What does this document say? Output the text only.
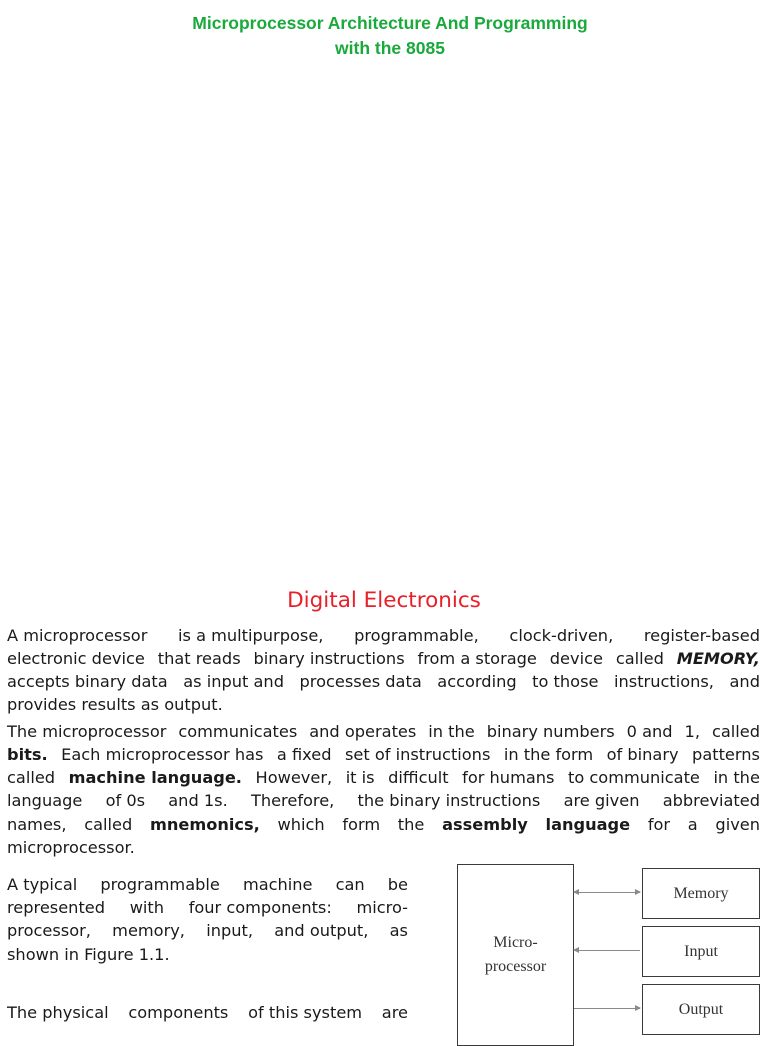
Microprocessor Architecture And Programming
with the 8085
Digital Electronics
A microprocessor is a multipurpose, programmable, clock-driven, register-based
electronic device that reads binary instructions from a storage device called MEMORY,
accepts binary data as input and processes data according to those instructions, and
provides results as output.
The microprocessor communicates and operates in the binary numbers 0 and 1, called
bits. Each microprocessor has a fixed set of instructions in the form of binary patterns
called machine language. However, it is difficult for humans to communicate in the
language of 0s and 1s. Therefore, the binary instructions are given abbreviated
names, called mnemonics, which form the assembly language for a given
microprocessor.
A typical programmable machine can be
represented with four components: micro-
processor, memory, input, and output, as
shown in Figure 1.1.
The physical components of this system are
Micro-
processor
Memory
Input
Output
